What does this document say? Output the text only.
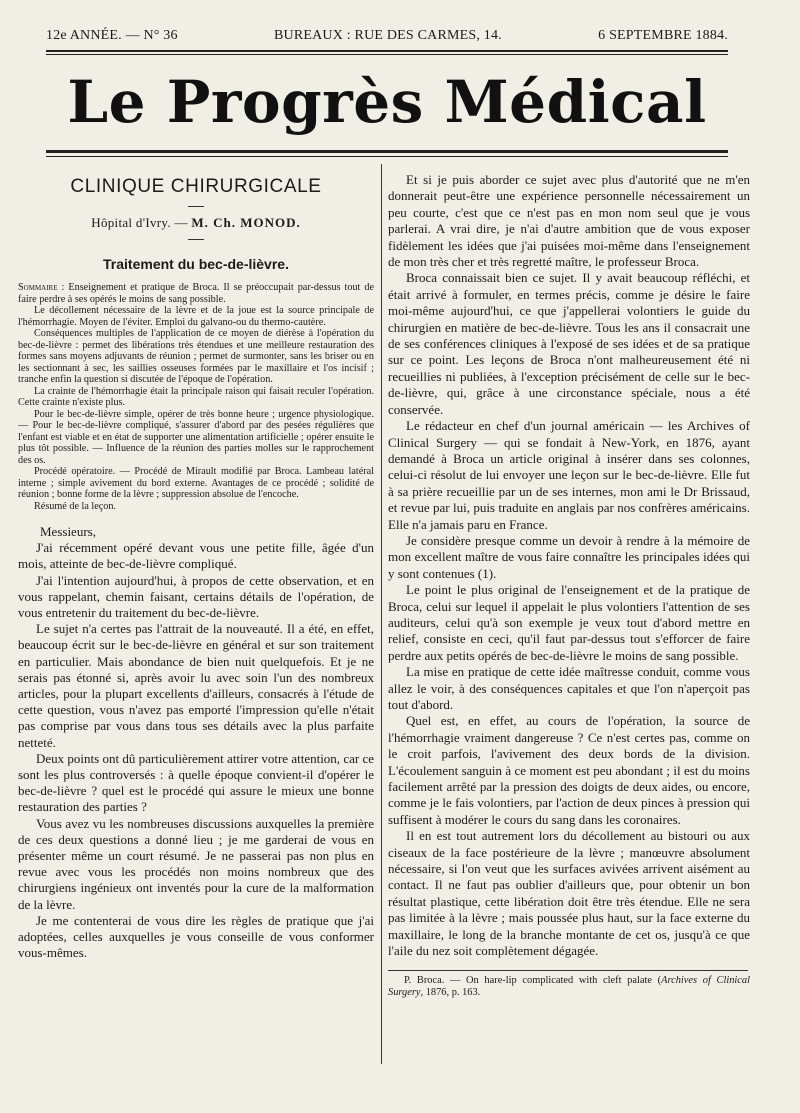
12e ANNÉE. — N° 36	BUREAUX : RUE DES CARMES, 14.	6 SEPTEMBRE 1884.
Le Progrès Médical
CLINIQUE CHIRURGICALE
Hôpital d'Ivry. — M. Ch. MONOD.
Traitement du bec-de-lièvre.

Sommaire : Enseignement et pratique de Broca. Il se préoccupait par-dessus tout de faire perdre à ses opérés le moins de sang possible.

Le décollement nécessaire de la lèvre et de la joue est la source principale de l'hémorrhagie. Moyen de l'éviter. Emploi du galvano-ou du thermo-cautère.

Conséquences multiples de l'application de ce moyen de diérèse à l'opération du bec-de-lièvre : permet des libérations très étendues et une meilleure restauration des formes sans moyens adjuvants de réunion ; permet de surmonter, sans les briser ou en les sectionnant à sec, les saillies osseuses formées par le maxillaire et l'os incisif ; tranche enfin la question si discutée de l'époque de l'opération.

La crainte de l'hémorrhagie était la principale raison qui faisait reculer l'opération. Cette crainte n'existe plus.

Pour le bec-de-lièvre simple, opérer de très bonne heure ; urgence physiologique. — Pour le bec-de-lièvre compliqué, s'assurer d'abord par des pesées régulières que l'enfant est viable et en état de supporter une alimentation artificielle ; opérer ensuite le plus tôt possible. — Influence de la réunion des parties molles sur le rapprochement des os.

Procédé opératoire. — Procédé de Mirault modifié par Broca. Lambeau latéral interne ; simple avivement du bord externe. Avantages de ce procédé ; solidité de réunion ; bonne forme de la lèvre ; suppression absolue de l'encoche.

Résumé de la leçon.

Messieurs,

J'ai récemment opéré devant vous une petite fille, âgée d'un mois, atteinte de bec-de-lièvre compliqué.

J'ai l'intention aujourd'hui, à propos de cette observation, et en vous rappelant, chemin faisant, certains détails de l'opération, de vous entretenir du traitement du bec-de-lièvre.

Le sujet n'a certes pas l'attrait de la nouveauté. Il a été, en effet, beaucoup écrit sur le bec-de-lièvre en général et sur son traitement en particulier. Mais abondance de bien nuit quelquefois. Et je ne serais pas étonné si, après avoir lu avec soin l'un des nombreux articles, pour la plupart excellents d'ailleurs, consacrés à l'étude de cette question, vous n'avez pas emporté l'impression qu'elle n'était pas comprise par vous dans tous ses détails avec la plus parfaite netteté.

Deux points ont dû particulièrement attirer votre attention, car ce sont les plus controversés : à quelle époque convient-il d'opérer le bec-de-lièvre ? quel est le procédé qui assure le mieux une bonne restauration des parties ?

Vous avez vu les nombreuses discussions auxquelles la première de ces deux questions a donné lieu ; je me garderai de vous en présenter même un court résumé. Je ne passerai pas non plus en revue avec vous les procédés non moins nombreux que des chirurgiens ingénieux ont inventés pour la cure de la malformation de la lèvre.

Je me contenterai de vous dire les règles de pratique que j'ai adoptées, celles auxquelles je vous conseille de vous conformer vous-mêmes.

Et si je puis aborder ce sujet avec plus d'autorité que ne m'en donnerait peut-être une expérience personnelle nécessairement un peu courte, c'est que ce n'est pas en mon nom seul que je vous parlerai. A vrai dire, je n'ai d'autre ambition que de vous exposer fidèlement les idées que j'ai puisées moi-même dans l'enseignement de mon très cher et très regretté maître, le professeur Broca.

Broca connaissait bien ce sujet. Il y avait beaucoup réfléchi, et était arrivé à formuler, en termes précis, comme je désire le faire moi-même aujourd'hui, ce que j'appellerai volontiers le guide du chirurgien en matière de bec-de-lièvre. Tous les ans il consacrait une de ses conférences cliniques à l'exposé de ses idées et de sa pratique sur ce point. Les leçons de Broca n'ont malheureusement été ni recueillies ni publiées, à l'exception précisément de celle sur le bec-de-lièvre, qui, grâce à une circonstance spéciale, nous a été conservée.

Le rédacteur en chef d'un journal américain — les Archives of Clinical Surgery — qui se fondait à New-York, en 1876, ayant demandé à Broca un article original à insérer dans ses colonnes, celui-ci résolut de lui envoyer une leçon sur le bec-de-lièvre. Elle fut à sa prière recueillie par un de ses internes, mon ami le Dr Brissaud, et revue par lui, puis traduite en anglais par nos confrères américains. Elle n'a jamais paru en France.

Je considère presque comme un devoir à rendre à la mémoire de mon excellent maître de vous faire connaître les principales idées qui y sont contenues (1).

Le point le plus original de l'enseignement et de la pratique de Broca, celui sur lequel il appelait le plus volontiers l'attention de ses auditeurs, celui qu'à son exemple je veux tout d'abord mettre en relief, consiste en ceci, qu'il faut par-dessus tout s'efforcer de faire perdre aux petits opérés de bec-de-lièvre le moins de sang possible.

La mise en pratique de cette idée maîtresse conduit, comme vous allez le voir, à des conséquences capitales et que l'on n'aperçoit pas tout d'abord.

Quel est, en effet, au cours de l'opération, la source de l'hémorrhagie vraiment dangereuse ? Ce n'est certes pas, comme on le croit parfois, l'avivement des deux bords de la division. L'écoulement sanguin à ce moment est peu abondant ; il est du moins facilement arrêté par la pression des doigts de deux aides, ou encore, comme je le fais volontiers, par l'action de deux pinces à pression qui suffisent à modérer le cours du sang dans les coronaires.

Il en est tout autrement lors du décollement au bistouri ou aux ciseaux de la face postérieure de la lèvre ; manœuvre absolument nécessaire, si l'on veut que les surfaces avivées arrivent aisément au contact. Il ne faut pas oublier d'ailleurs que, pour obtenir un bon résultat plastique, cette libération doit être très étendue. Elle ne sera pas limitée à la lèvre ; mais poussée plus haut, sur la face externe du maxillaire, le long de la branche montante de cet os, jusqu'à ce que l'aile du nez soit complètement dégagée.

P. Broca. — On hare-lip complicated with cleft palate (Archives of Clinical Surgery, 1876, p. 163.
